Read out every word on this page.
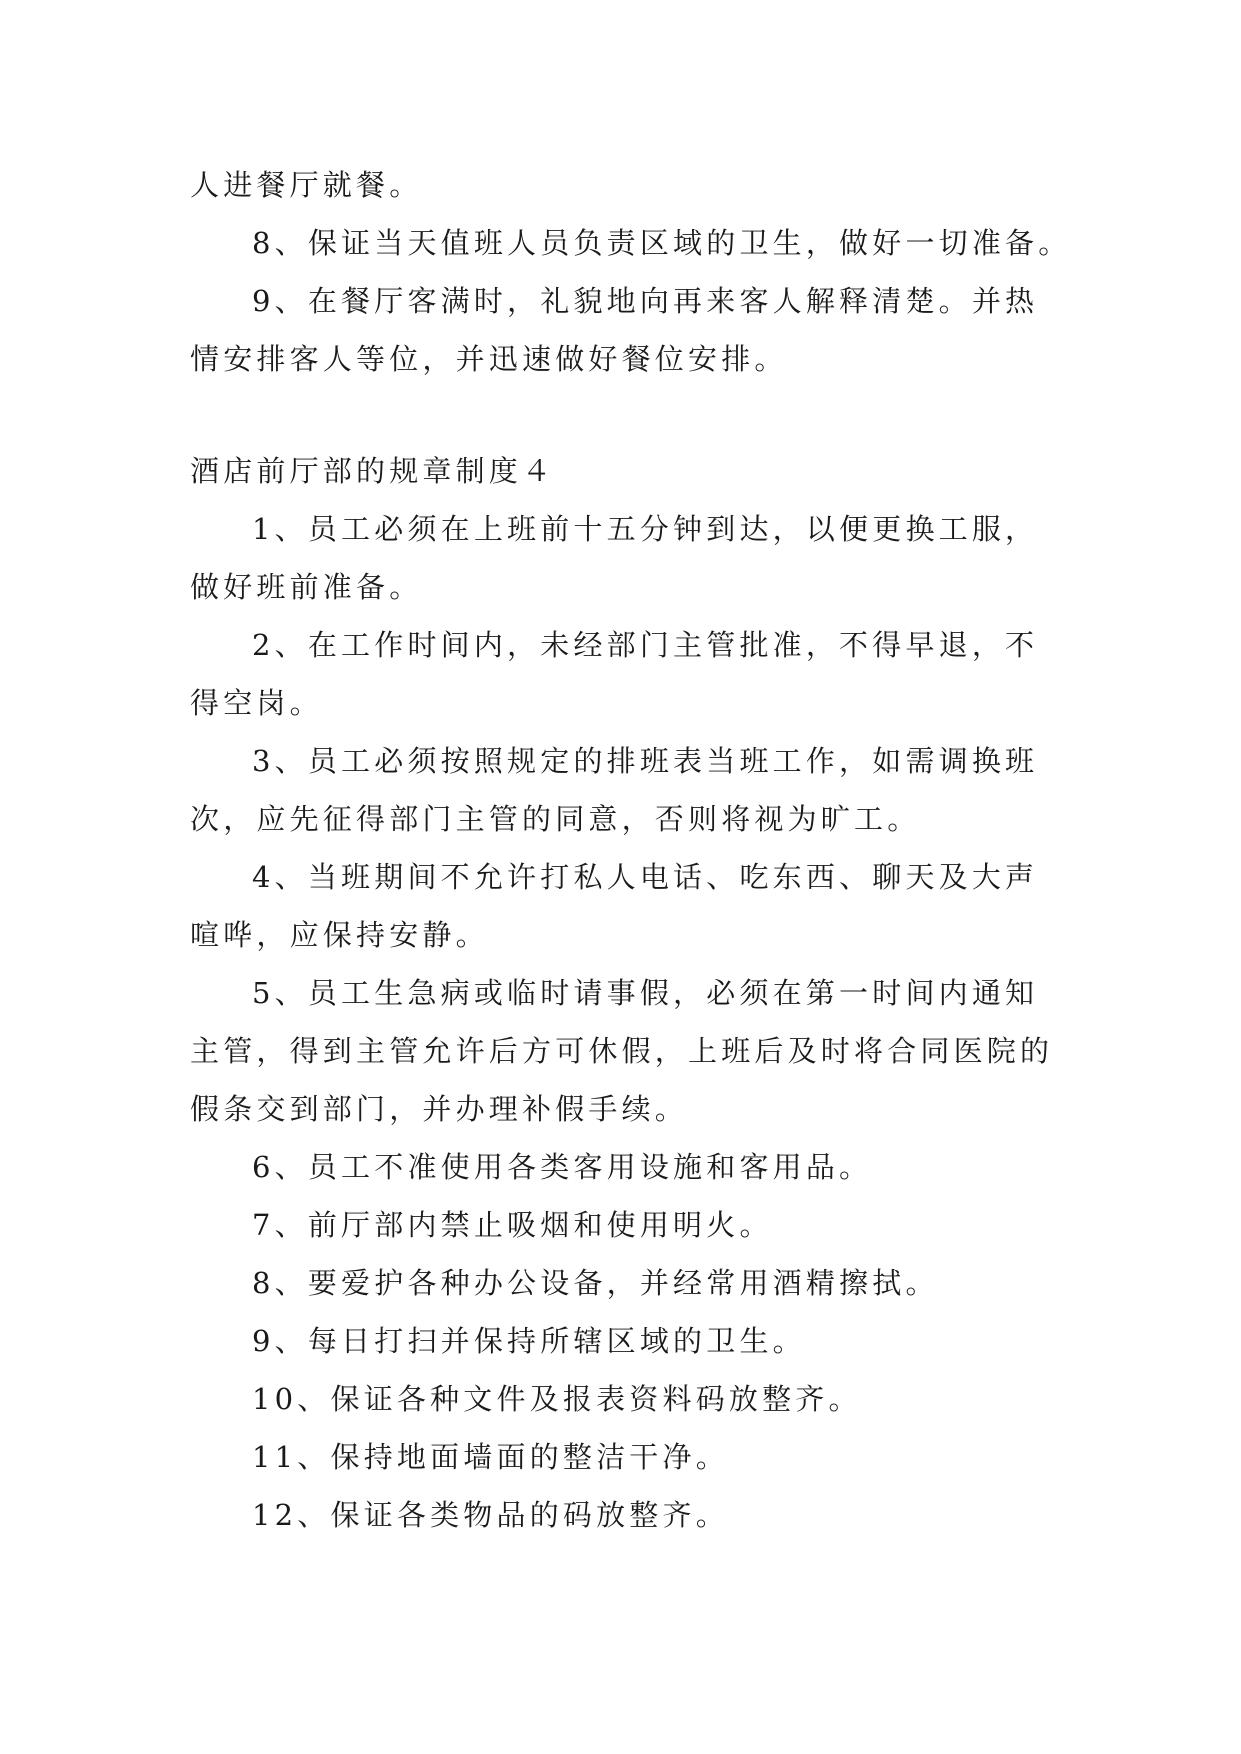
人进餐厅就餐。
8、保证当天值班人员负责区域的卫生，做好一切准备。
9、在餐厅客满时，礼貌地向再来客人解释清楚。并热
情安排客人等位，并迅速做好餐位安排。
酒店前厅部的规章制度４
1、员工必须在上班前十五分钟到达，以便更换工服，
做好班前准备。
2、在工作时间内，未经部门主管批准，不得早退，不
得空岗。
3、员工必须按照规定的排班表当班工作，如需调换班
次，应先征得部门主管的同意，否则将视为旷工。
4、当班期间不允许打私人电话、吃东西、聊天及大声
喧哗，应保持安静。
5、员工生急病或临时请事假，必须在第一时间内通知
主管，得到主管允许后方可休假，上班后及时将合同医院的
假条交到部门，并办理补假手续。
6、员工不准使用各类客用设施和客用品。
7、前厅部内禁止吸烟和使用明火。
8、要爱护各种办公设备，并经常用酒精擦拭。
9、每日打扫并保持所辖区域的卫生。
10、保证各种文件及报表资料码放整齐。
11、保持地面墙面的整洁干净。
12、保证各类物品的码放整齐。
